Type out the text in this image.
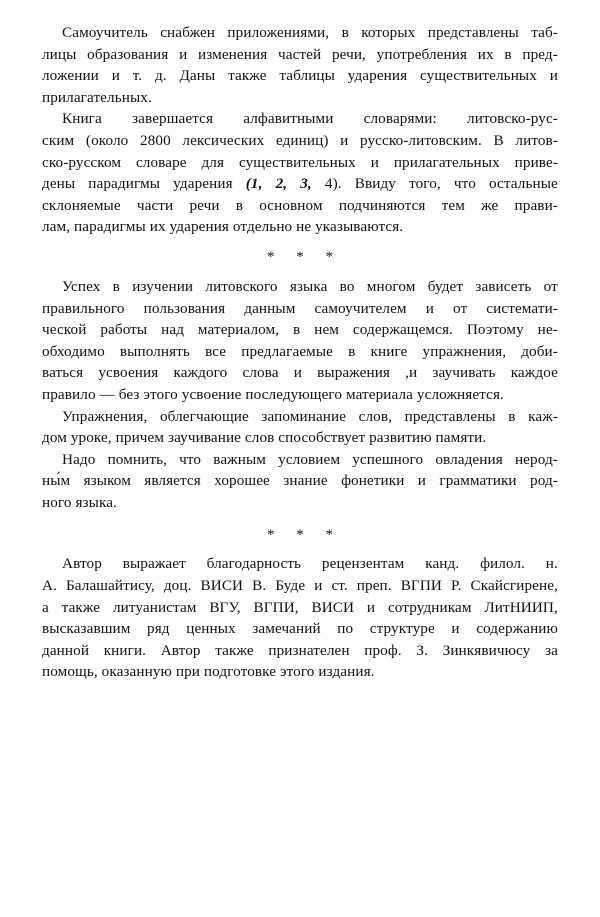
Самоучитель снабжен приложениями, в которых представлены таб-
лицы образования и изменения частей речи, употребления их в пред-
ложении и т. д. Даны также таблицы ударения существительных и
прилагательных.
Книга завершается алфавитными словарями: литовско-рус-
ским (около 2800 лексических единиц) и русско-литовским. В литов-
ско-русском словаре для существительных и прилагательных приве-
дены парадигмы ударения (1, 2, 3, 4). Ввиду того, что остальные
склоняемые части речи в основном подчиняются тем же прави-
лам, парадигмы их ударения отдельно не указываются.
* * *
Успех в изучении литовского языка во многом будет зависеть от
правильного пользования данным самоучителем и от системати-
ческой работы над материалом, в нем содержащемся. Поэтому не-
обходимо выполнять все предлагаемые в книге упражнения, доби-
ваться усвоения каждого слова и выражения ,и заучивать каждое
правило — без этого усвоение последующего материала усложняется.
Упражнения, облегчающие запоминание слов, представлены в каж-
дом уроке, причем заучивание слов способствует развитию памяти.
Надо помнить, что важным условием успешного овладения нерод-
ны́м языком является хорошее знание фонетики и грамматики род-
ного языка.
* * *
Автор выражает благодарность рецензентам канд. филол. н.
А. Балашайтису, доц. ВИСИ В. Буде и ст. преп. ВГПИ Р. Скайсгирене,
а также литуанистам ВГУ, ВГПИ, ВИСИ и сотрудникам ЛитНИИП,
высказавшим ряд ценных замечаний по структуре и содержанию
данной книги. Автор также признателен проф. З. Зинкявичюсу за
помощь, оказанную при подготовке этого издания.
